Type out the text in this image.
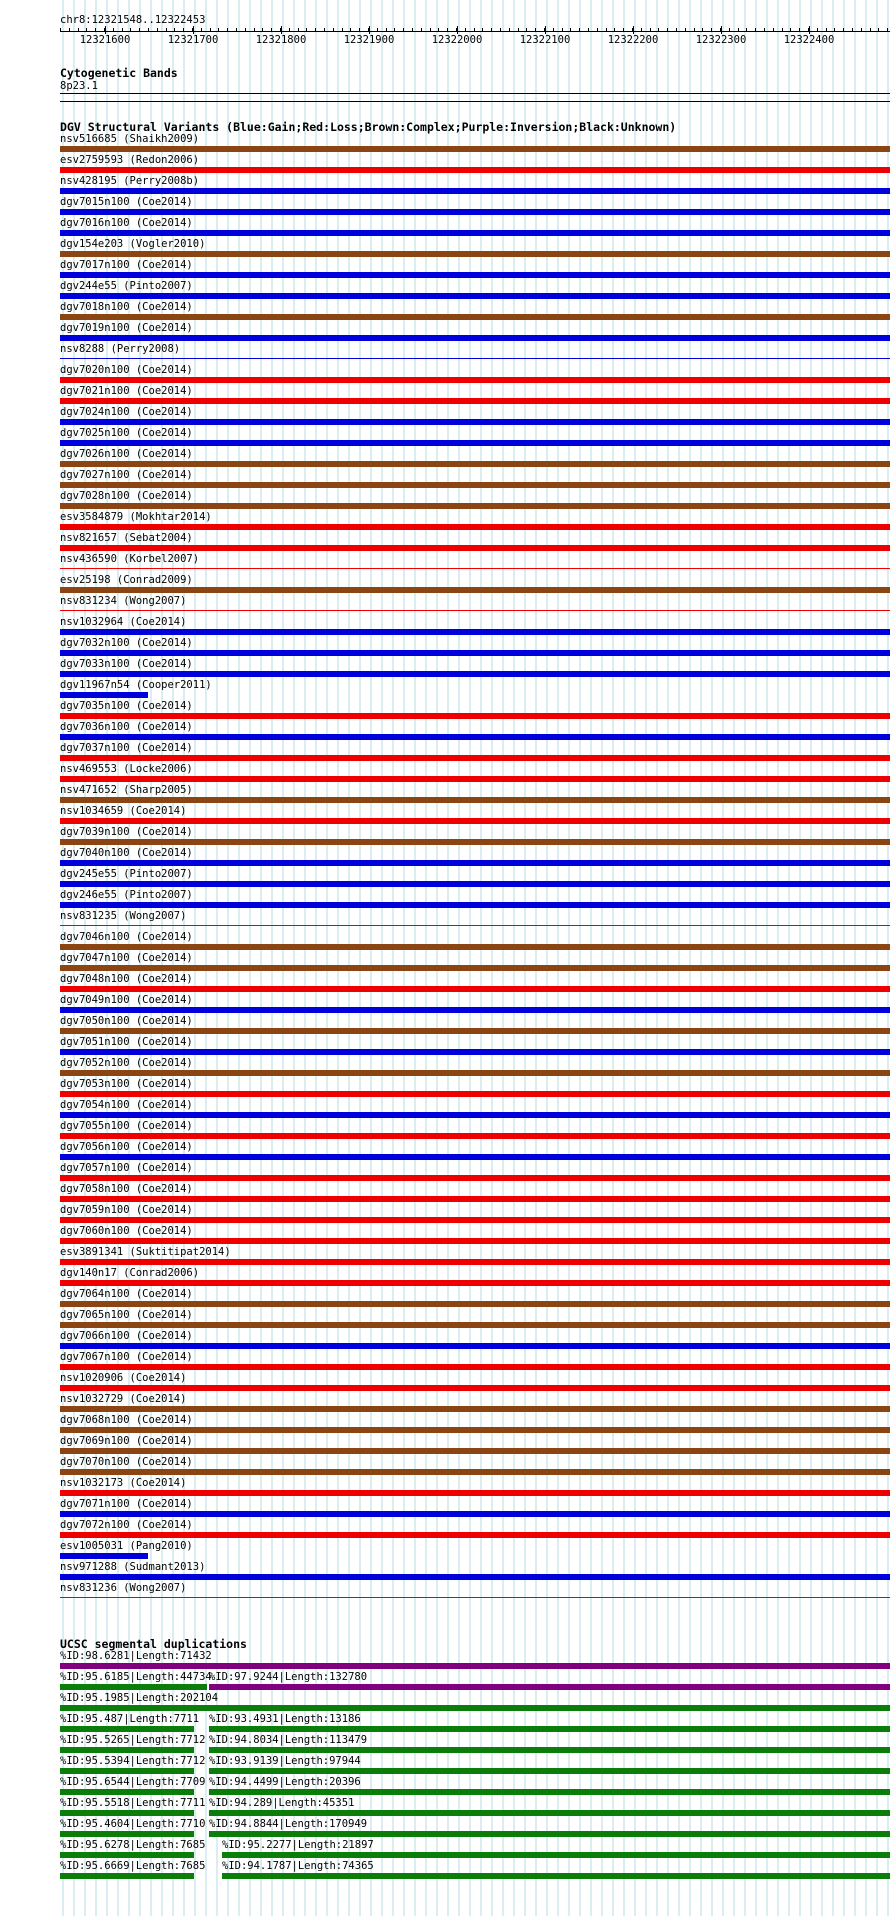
chr8:12321548..12322453
12321600	12321700	12321800	12321900	12322000	12322100	12322200	12322300	12322400
Cytogenetic Bands
8p23.1
DGV Structural Variants (Blue:Gain;Red:Loss;Brown:Complex;Purple:Inversion;Black:Unknown)
nsv516685 (Shaikh2009)
esv2759593 (Redon2006)
nsv428195 (Perry2008b)
dgv7015n100 (Coe2014)
dgv7016n100 (Coe2014)
dgv154e203 (Vogler2010)
dgv7017n100 (Coe2014)
dgv244e55 (Pinto2007)
dgv7018n100 (Coe2014)
dgv7019n100 (Coe2014)
nsv8288 (Perry2008)
dgv7020n100 (Coe2014)
dgv7021n100 (Coe2014)
dgv7024n100 (Coe2014)
dgv7025n100 (Coe2014)
dgv7026n100 (Coe2014)
dgv7027n100 (Coe2014)
dgv7028n100 (Coe2014)
esv3584879 (Mokhtar2014)
nsv821657 (Sebat2004)
nsv436590 (Korbel2007)
esv25198 (Conrad2009)
nsv831234 (Wong2007)
nsv1032964 (Coe2014)
dgv7032n100 (Coe2014)
dgv7033n100 (Coe2014)
dgv11967n54 (Cooper2011)
dgv7035n100 (Coe2014)
dgv7036n100 (Coe2014)
dgv7037n100 (Coe2014)
nsv469553 (Locke2006)
nsv471652 (Sharp2005)
nsv1034659 (Coe2014)
dgv7039n100 (Coe2014)
dgv7040n100 (Coe2014)
dgv245e55 (Pinto2007)
dgv246e55 (Pinto2007)
nsv831235 (Wong2007)
dgv7046n100 (Coe2014)
dgv7047n100 (Coe2014)
dgv7048n100 (Coe2014)
dgv7049n100 (Coe2014)
dgv7050n100 (Coe2014)
dgv7051n100 (Coe2014)
dgv7052n100 (Coe2014)
dgv7053n100 (Coe2014)
dgv7054n100 (Coe2014)
dgv7055n100 (Coe2014)
dgv7056n100 (Coe2014)
dgv7057n100 (Coe2014)
dgv7058n100 (Coe2014)
dgv7059n100 (Coe2014)
dgv7060n100 (Coe2014)
esv3891341 (Suktitipat2014)
dgv140n17 (Conrad2006)
dgv7064n100 (Coe2014)
dgv7065n100 (Coe2014)
dgv7066n100 (Coe2014)
dgv7067n100 (Coe2014)
nsv1020906 (Coe2014)
nsv1032729 (Coe2014)
dgv7068n100 (Coe2014)
dgv7069n100 (Coe2014)
dgv7070n100 (Coe2014)
nsv1032173 (Coe2014)
dgv7071n100 (Coe2014)
dgv7072n100 (Coe2014)
esv1005031 (Pang2010)
nsv971288 (Sudmant2013)
nsv831236 (Wong2007)
UCSC segmental duplications
%ID:98.6281|Length:71432
%ID:95.6185|Length:44734
%ID:97.9244|Length:132780
%ID:95.1985|Length:202104
%ID:95.487|Length:7711 %ID:93.4931|Length:13186
%ID:95.5265|Length:7712 %ID:94.8034|Length:113479
%ID:95.5394|Length:7712 %ID:93.9139|Length:97944
%ID:95.6544|Length:7709 %ID:94.4499|Length:20396
%ID:95.5518|Length:7711 %ID:94.289|Length:45351
%ID:95.4604|Length:7710 %ID:94.8844|Length:170949
%ID:95.6278|Length:7685 %ID:95.2277|Length:21897
%ID:95.6669|Length:7685 %ID:94.1787|Length:74365
